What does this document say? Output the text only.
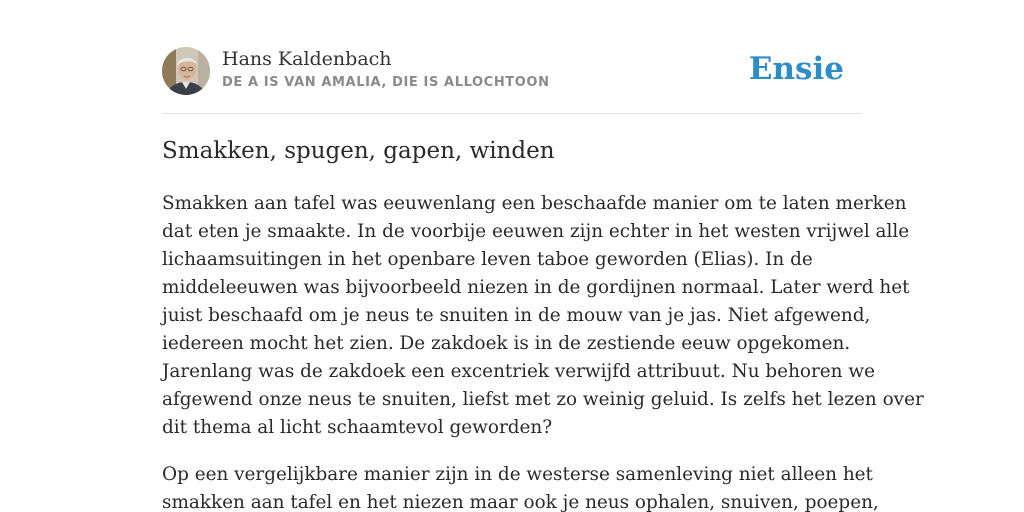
Hans Kaldenbach
DE A IS VAN AMALIA, DIE IS ALLOCHTOON	Ensie
Smakken, spugen, gapen, winden

Smakken aan tafel was eeuwenlang een beschaafde manier om te laten merken
dat eten je smaakte. In de voorbije eeuwen zijn echter in het westen vrijwel alle
lichaamsuitingen in het openbare leven taboe geworden (Elias). In de
middeleeuwen was bijvoorbeeld niezen in de gordijnen normaal. Later werd het
juist beschaafd om je neus te snuiten in de mouw van je jas. Niet afgewend,
iedereen mocht het zien. De zakdoek is in de zestiende eeuw opgekomen.
Jarenlang was de zakdoek een excentriek verwijfd attribuut. Nu behoren we
afgewend onze neus te snuiten, liefst met zo weinig geluid. Is zelfs het lezen over
dit thema al licht schaamtevol geworden?

Op een vergelijkbare manier zijn in de westerse samenleving niet alleen het
smakken aan tafel en het niezen maar ook je neus ophalen, snuiven, poepen,
